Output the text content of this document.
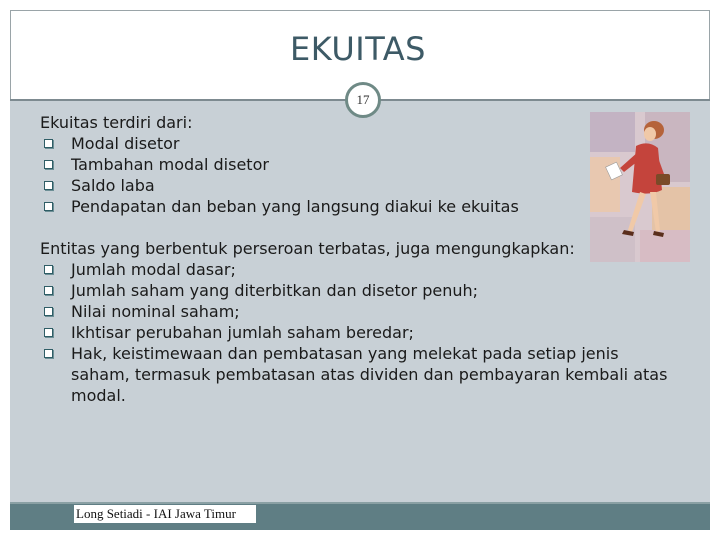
EKUITAS
17

Ekuitas terdiri dari:

Modal disetor
Tambahan modal disetor
Saldo laba
Pendapatan dan beban yang langsung diakui ke ekuitas

Entitas yang berbentuk perseroan terbatas, juga mengungkapkan:

Jumlah modal dasar;
Jumlah saham yang diterbitkan dan disetor penuh;
Nilai nominal saham;
Ikhtisar perubahan jumlah saham beredar;
Hak, keistimewaan dan pembatasan yang melekat pada setiap jenis saham, termasuk pembatasan atas dividen dan pembayaran kembali atas modal.
Long Setiadi - IAI Jawa Timur
